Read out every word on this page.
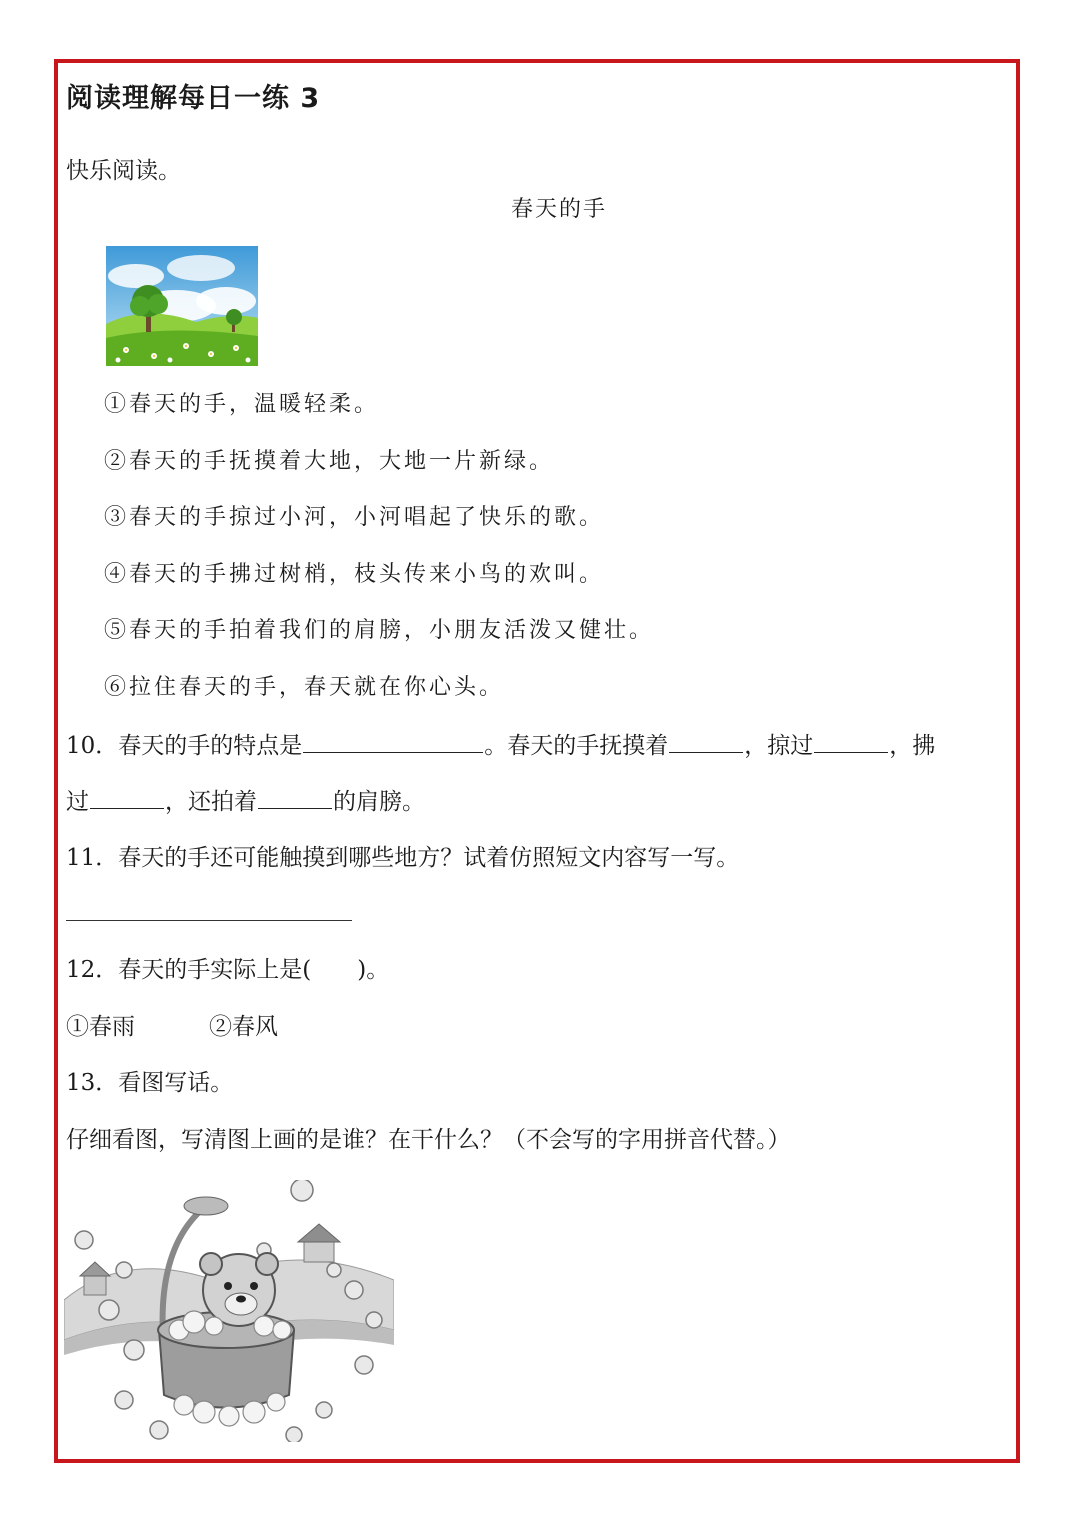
阅读理解每日一练 3
快乐阅读。
春天的手
①春天的手，温暖轻柔。
②春天的手抚摸着大地，大地一片新绿。
③春天的手掠过小河，小河唱起了快乐的歌。
④春天的手拂过树梢，枝头传来小鸟的欢叫。
⑤春天的手拍着我们的肩膀，小朋友活泼又健壮。
⑥拉住春天的手，春天就在你心头。
10．春天的手的特点是	。春天的手抚摸着	，掠过	，拂
过	，还拍着	的肩膀。
11．春天的手还可能触摸到哪些地方？试着仿照短文内容写一写。
12．春天的手实际上是(　　)。
①春雨	②春风
13．看图写话。
仔细看图，写清图上画的是谁？在干什么？（不会写的字用拼音代替。）
